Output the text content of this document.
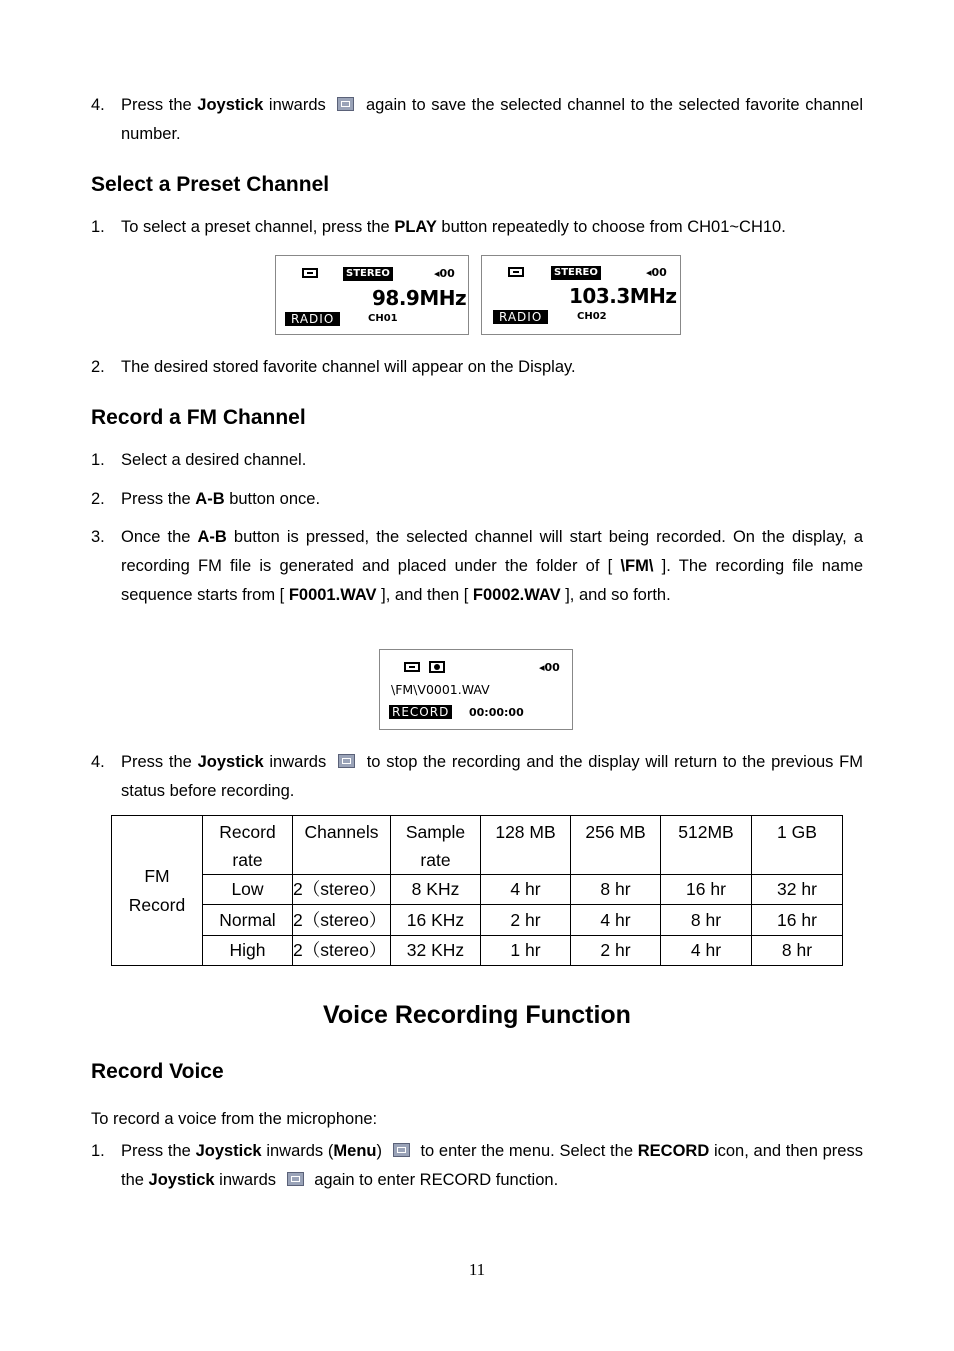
4. Press the Joystick inwards  again to save the selected channel to the selected favorite channel number.
Select a Preset Channel
1. To select a preset channel, press the PLAY button repeatedly to choose from CH01~CH10.
STEREO	◂00
98.9MHz
RADIO	CH01
STEREO	◂00
103.3MHz
RADIO	CH02
2. The desired stored favorite channel will appear on the Display.
Record a FM Channel
1. Select a desired channel.
2. Press the A-B button once.
3. Once the A-B button is pressed, the selected channel will start being recorded. On the display, a recording FM file is generated and placed under the folder of [ \FM\ ]. The recording file name sequence starts from [ F0001.WAV ], and then [ F0002.WAV ], and so forth.
◂00
\FM\V0001.WAV
RECORD 00:00:00
4. Press the Joystick inwards  to stop the recording and the display will return to the previous FM status before recording.
FM
Record	Record rate	Channels	Sample rate	128 MB	256 MB	512MB	1 GB
	Low	2（stereo）	8 KHz	4 hr	8 hr	16 hr	32 hr
	Normal	2（stereo）	16 KHz	2 hr	4 hr	8 hr	16 hr
	High	2（stereo）	32 KHz	1 hr	2 hr	4 hr	8 hr
Voice Recording Function
Record Voice
To record a voice from the microphone:
1. Press the Joystick inwards (Menu)  to enter the menu. Select the RECORD icon, and then press the Joystick inwards  again to enter RECORD function.
11
